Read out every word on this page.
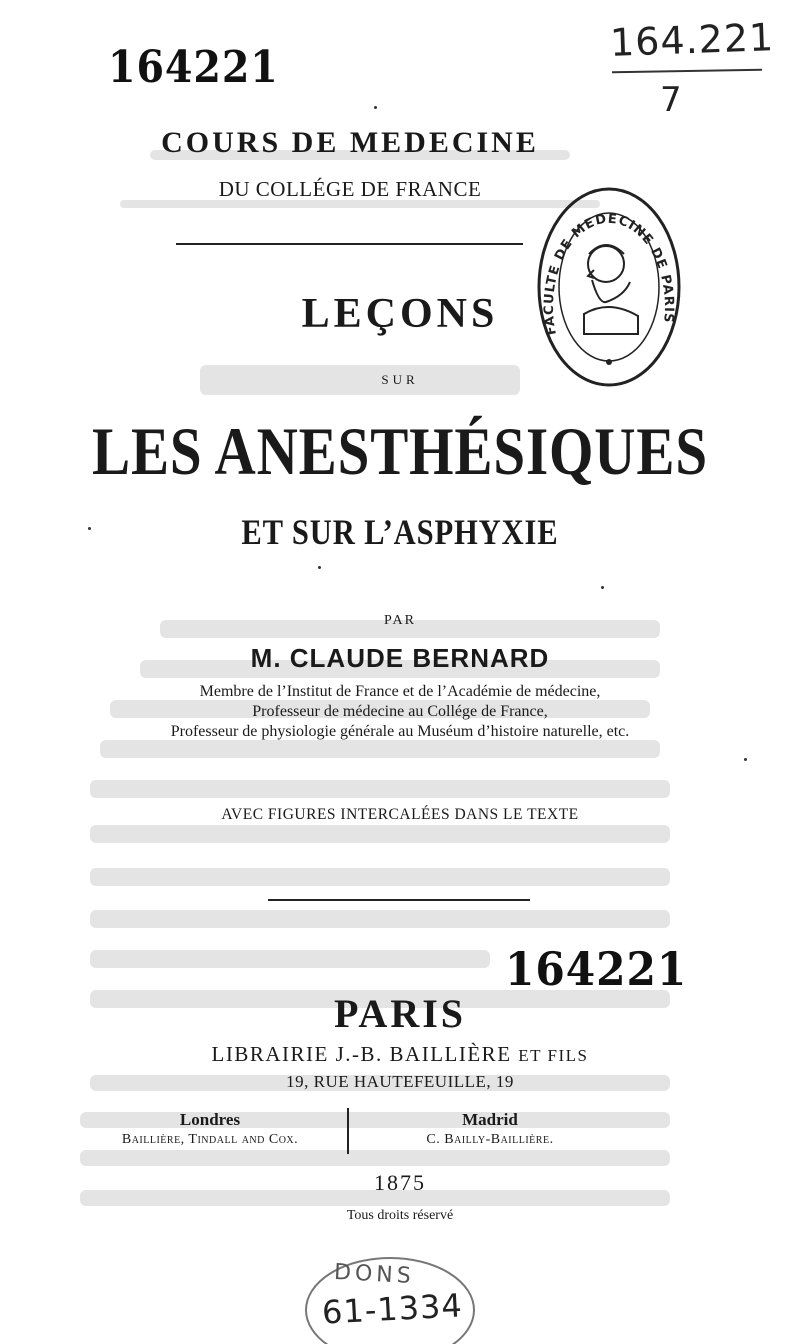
164221
164221
164.221
7
COURS DE MEDECINE
DU COLLÉGE DE FRANCE
FACULTE DE MEDECINE DE PARIS
LEÇONS
SUR
LES ANESTHÉSIQUES
ET SUR L’ASPHYXIE
PAR
M. CLAUDE BERNARD
Membre de l’Institut de France et de l’Académie de médecine,
Professeur de médecine au Collége de France,
Professeur de physiologie générale au Muséum d’histoire naturelle, etc.
AVEC FIGURES INTERCALÉES DANS LE TEXTE
PARIS
LIBRAIRIE J.-B. BAILLIÈRE ET FILS
19, RUE HAUTEFEUILLE, 19
Londres
Baillière, Tindall and Cox.
Madrid
C. Bailly-Baillière.
1875
Tous droits réservé
DONS
61-1334
